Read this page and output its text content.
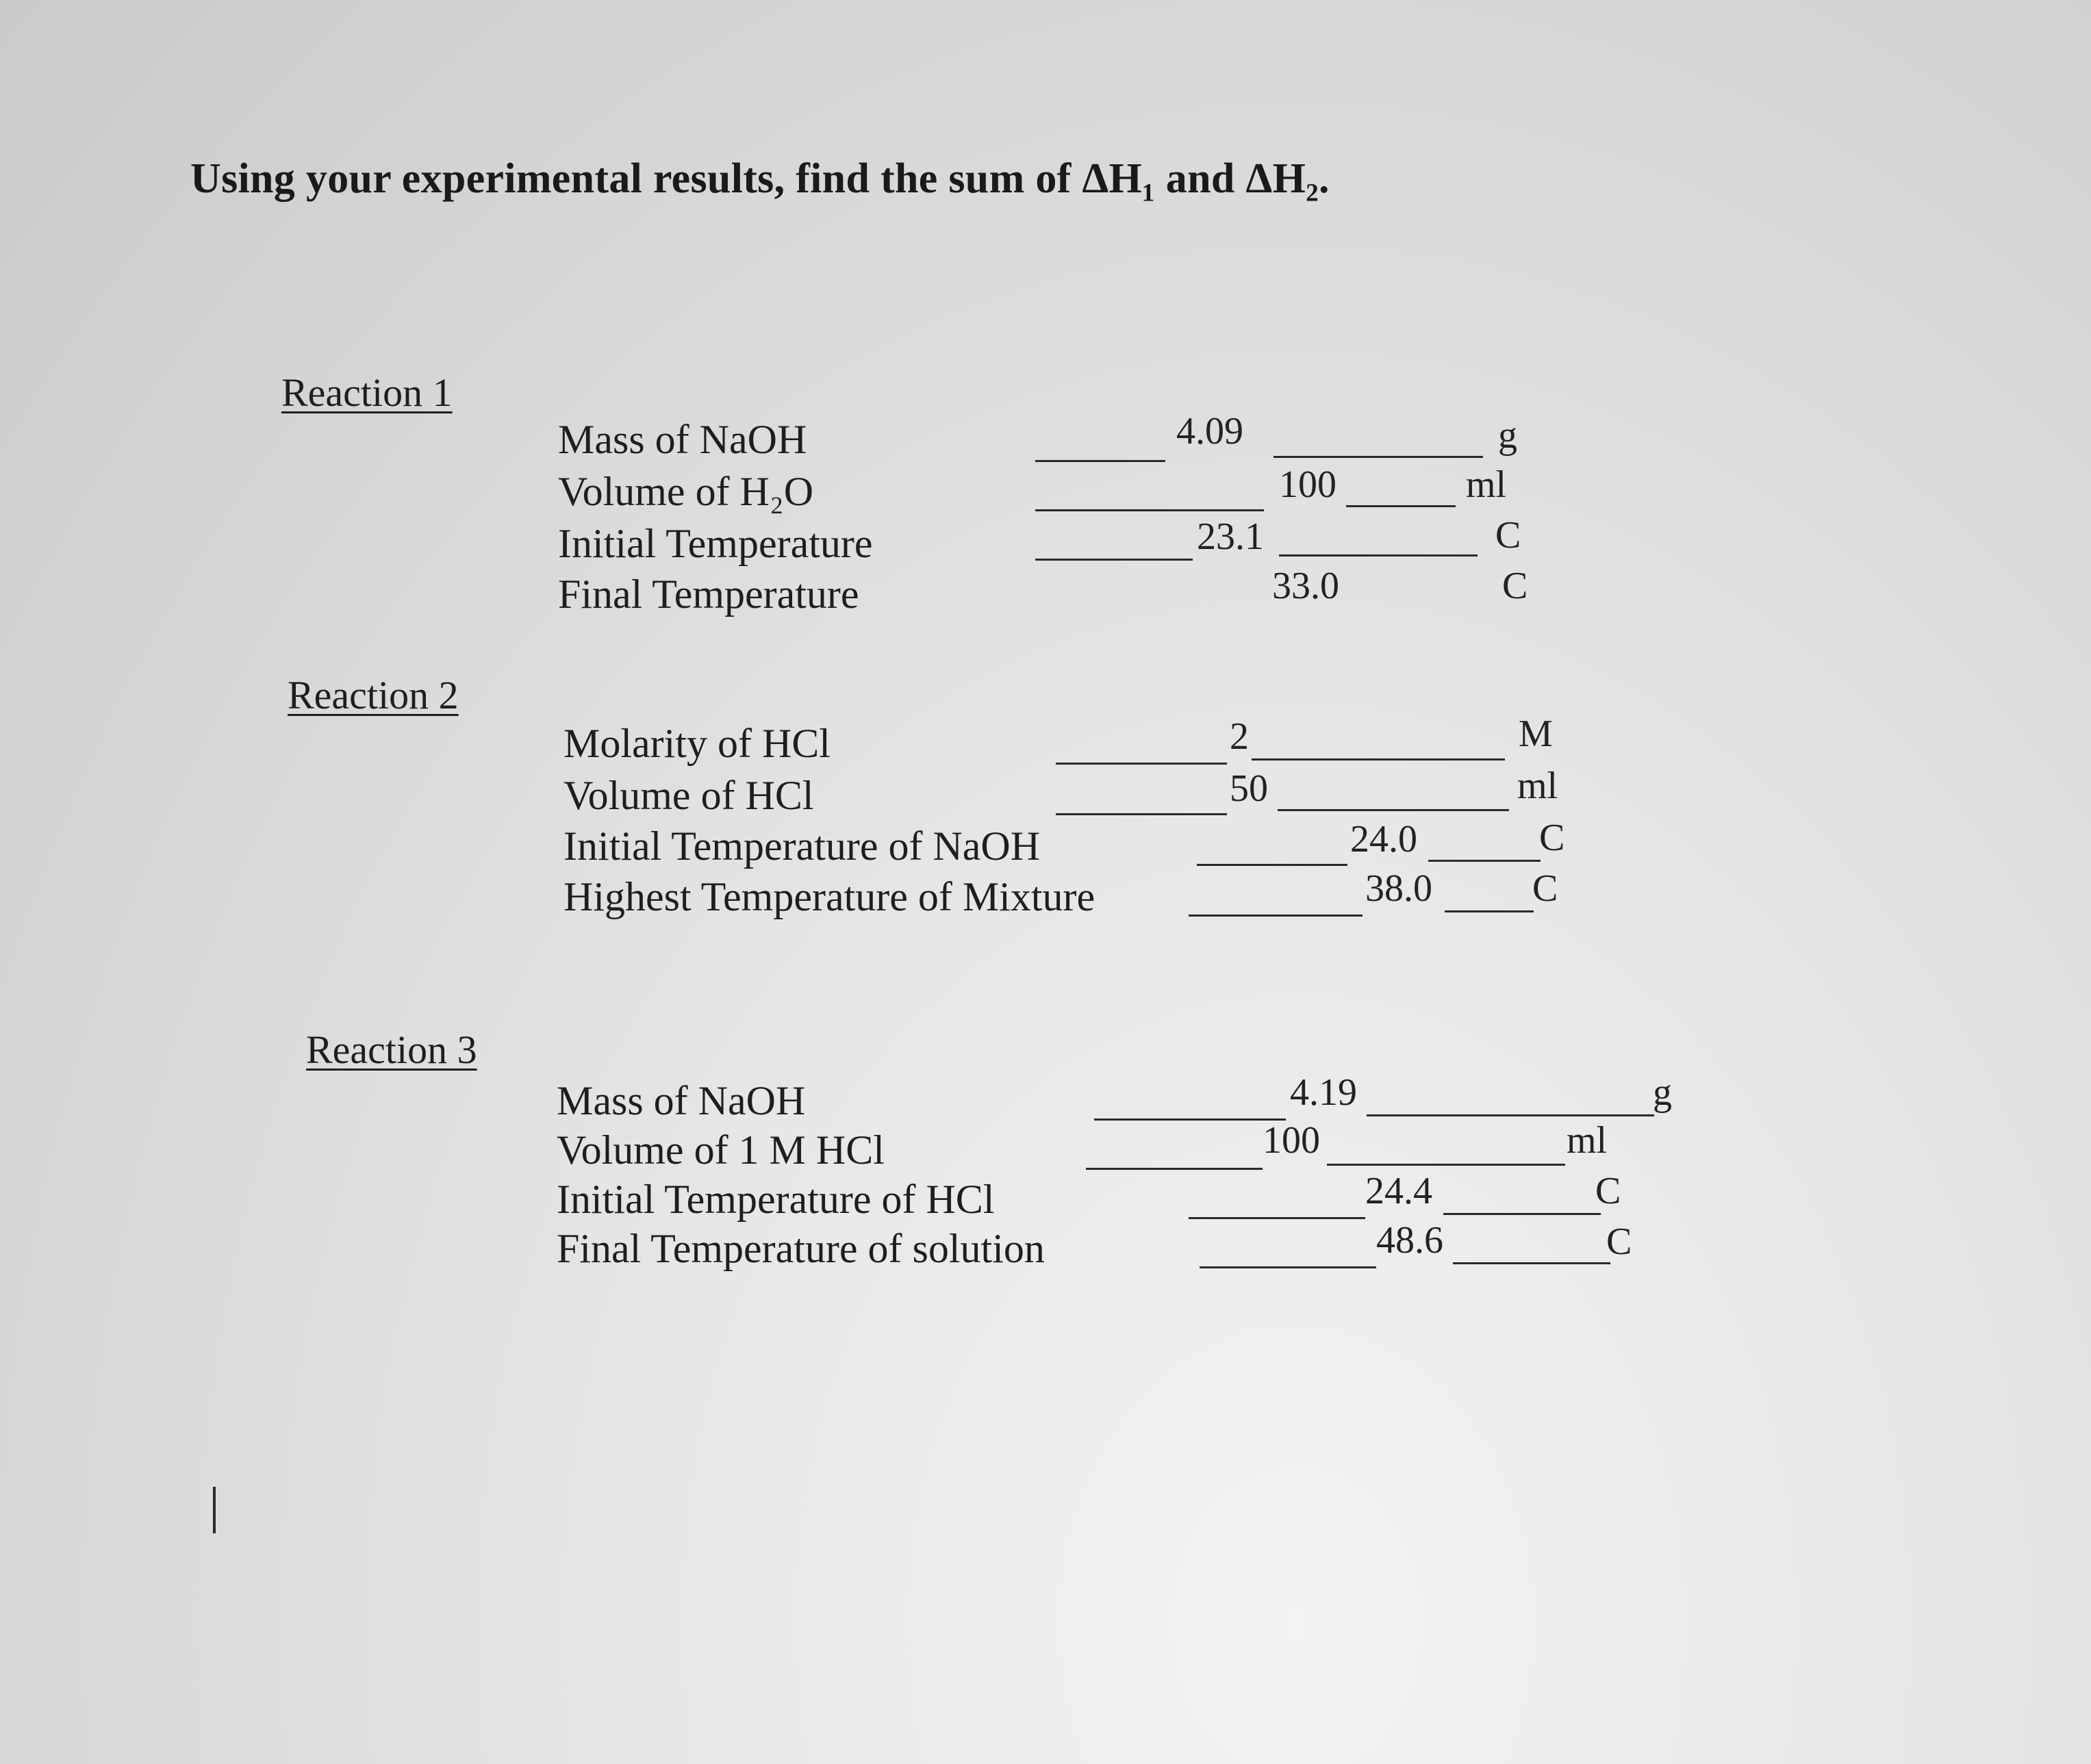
Using your experimental results, find the sum of ΔH₁ and ΔH₂.
Reaction 1
Mass of NaOH	4.09	g
Volume of H₂O	100	ml
Initial Temperature	23.1	C
Final Temperature	33.0	C
Reaction 2
Molarity of HCl	2	M
Volume of HCl	50	ml
Initial Temperature of NaOH	24.0	C
Highest Temperature of Mixture	38.0	C
Reaction 3
Mass of NaOH	4.19	g
Volume of 1 M HCl	100	ml
Initial Temperature of HCl	24.4	C
Final Temperature of solution	48.6	C
